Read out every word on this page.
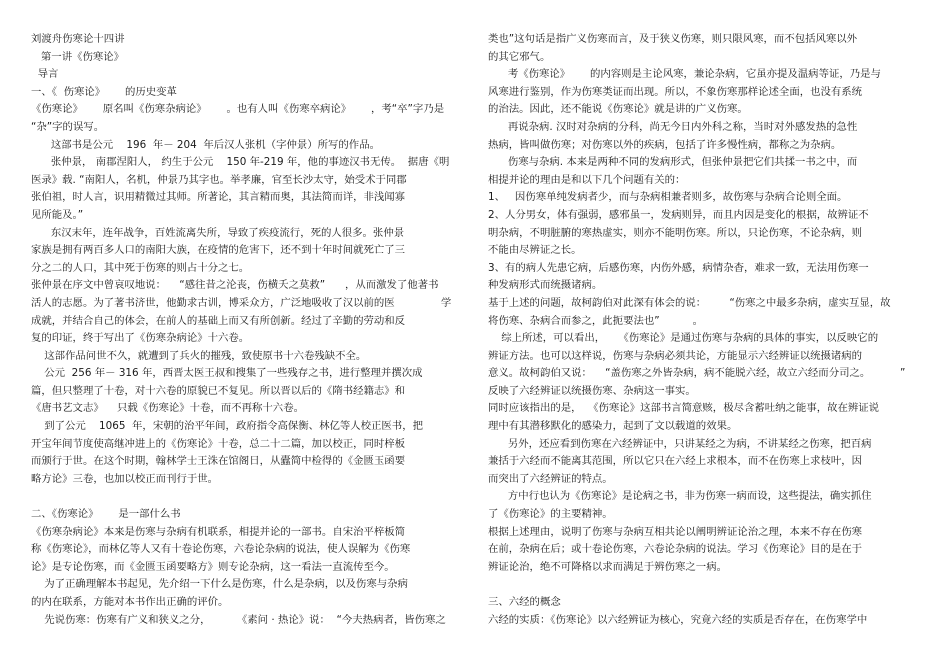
刘渡舟伤寒论十四讲
第一讲《伤寒论》
导言
一、《  伤寒论》      的历史变革
《伤寒论》      原名叫《伤寒杂病论》      。也有人叫《伤寒卒病论》      ，考“卒”字乃是
“杂”字的误写。
这部书是公元    196  年－ 204  年后汉人张机（字仲景）所写的作品。
张仲景， 南郡涅阳人， 约生于公元    150 年-219 年，他的事迹汉书无传。  据唐《明
医录》载. “南阳人，名机，仲景乃其字也。举孝廉，官至长沙太守，始受术于同郡
张伯祖，时人言，识用精微过其师。所著论，其言精而奥，其法简而详，非浅闻寡
见所能及。”
东汉末年，连年战争，百姓流离失所，导致了疾疫流行，死的人很多。张仲景
家族是拥有两百多人口的南阳大族，在疫情的危害下，还不到十年时间就死亡了三
分之二的人口，其中死于伤寒的则占十分之七。
张仲景在序文中曾哀叹地说：    “感往昔之沦丧，伤横夭之莫救”      ，从而激发了他著书
活人的志愿。为了著书济世，他勤求古训，博采众方，广泛地吸收了汉以前的医              学
成就，并结合自己的体会，在前人的基础上而又有所创新。经过了辛勤的劳动和反
复的印证，终于写出了《伤寒杂病论》十六卷。
这部作品问世不久，就遭到了兵火的摧残，致使原书十六卷残缺不全。
公元  256 年－ 316 年，西晋太医王叔和搜集了一些残存之书，进行整理并撰次成
篇，但只整理了十卷，对十六卷的原貌已不复见。所以晋以后的《隋书经籍志》和
《唐书艺文志》    只载《伤寒论》十卷，而不再称十六卷。
到了公元    1065  年，宋朝的治平年间，政府指令高保衡、林亿等人校正医书，把
开宝年间节度使高继冲进上的《伤寒论》十卷，总二十二篇，加以校正，同时梓板
而颁行于世。在这个时期，翰林学士王洙在馆阁日，从蠹简中检得的《金匮玉函要
略方论》三卷，也加以校正而刊行于世。
二、《伤寒论》      是一部什么书
《伤寒杂病论》本来是伤寒与杂病有机联系，相提并论的一部书。自宋治平梓板简
称《伤寒论》，而林亿等人又有十卷论伤寒，六卷论杂病的说法，使人误解为《伤寒
论》是专论伤寒，而《金匮玉函要略方》则专论杂病，这一看法一直流传至今。
为了正确理解本书起见，先介绍一下什么是伤寒，什么是杂病，以及伤寒与杂病
的内在联系，方能对本书作出正确的评价。
先说伤寒：伤寒有广义和狭义之分，        《素问 · 热论》说：  “今夫热病者，皆伤寒之
类也”这句话是指广义伤寒而言，及于狭义伤寒，则只限风寒，而不包括风寒以外
的其它邪气。
考《伤寒论》      的内容则是主论风寒，兼论杂病，它虽亦提及温病等证，乃是与
风寒进行鉴别，作为伤寒类证而出现。所以，不象伤寒那样论述全面，也没有系统
的治法。因此，还不能说《伤寒论》就是讲的广义伤寒。
再说杂病. 汉时对杂病的分科，尚无今日内外科之称，当时对外感发热的急性
热病，皆叫做伤寒；对伤寒以外的疾病，包括了许多慢性病，都称之为杂病。
伤寒与杂病. 本来是两种不同的发病形式，但张仲景把它们共揉一书之中，而
相提并论的理由是和以下几个问题有关的：
1、   因伤寒单纯发病者少，而与杂病相兼者则多，故伤寒与杂病合论则全面。
2、人分男女，体有强弱，感邪虽一，发病则异，而且内因是变化的根据，故辨证不
明杂病，不明脏腑的寒热虚实，则亦不能明伤寒。所以，只论伤寒，不论杂病，则
不能由尽辨证之长。
3、有的病人先患它病，后感伤寒，内伤外感，病情杂杳，难求一致，无法用伤寒一
种发病形式而统摄诸病。
基于上述的问题，故柯韵伯对此深有体会的说：       “伤寒之中最多杂病，虚实互显，故
将伤寒、杂病合而参之，此扼要法也”          。
综上所述，可以看出，    《伤寒论》是通过伤寒与杂病的具体的事实，以反映它的
辨证方法。也可以这样说，伤寒与杂病必须共论，方能显示六经辨证以统摄诸病的
意义。故柯韵伯又说：    “盖伤寒之外皆杂病，病不能脱六经，故立六经而分司之。         ”
反映了六经辨证以统摄伤寒、杂病这一事实。
同时应该指出的是，  《伤寒论》这部书言简意赅，极尽含蓄吐纳之能事，故在辨证说
理中有其潜移默化的感染力，起到了文以载道的效果。
另外，还应看到伤寒在六经辨证中，只讲某经之为病，不讲某经之伤寒，把百病
兼括于六经而不能离其范围，所以它只在六经上求根本，而不在伤寒上求枝叶，因
而突出了六经辨证的特点。
方中行也认为《伤寒论》是论病之书，非为伤寒一病而设，这些提法，确实抓住
了《伤寒论》的主要精神。
根据上述理由，说明了伤寒与杂病互相共论以阐明辨证论治之理，本来不存在伤寒
在前，杂病在后；或十卷论伤寒，六卷论杂病的说法。学习《伤寒论》目的是在于
辨证论治，绝不可降格以求而满足于辨伤寒之一病。
三、六经的概念
六经的实质：《伤寒论》以六经辨证为核心，究竟六经的实质是否存在，在伤寒学中
